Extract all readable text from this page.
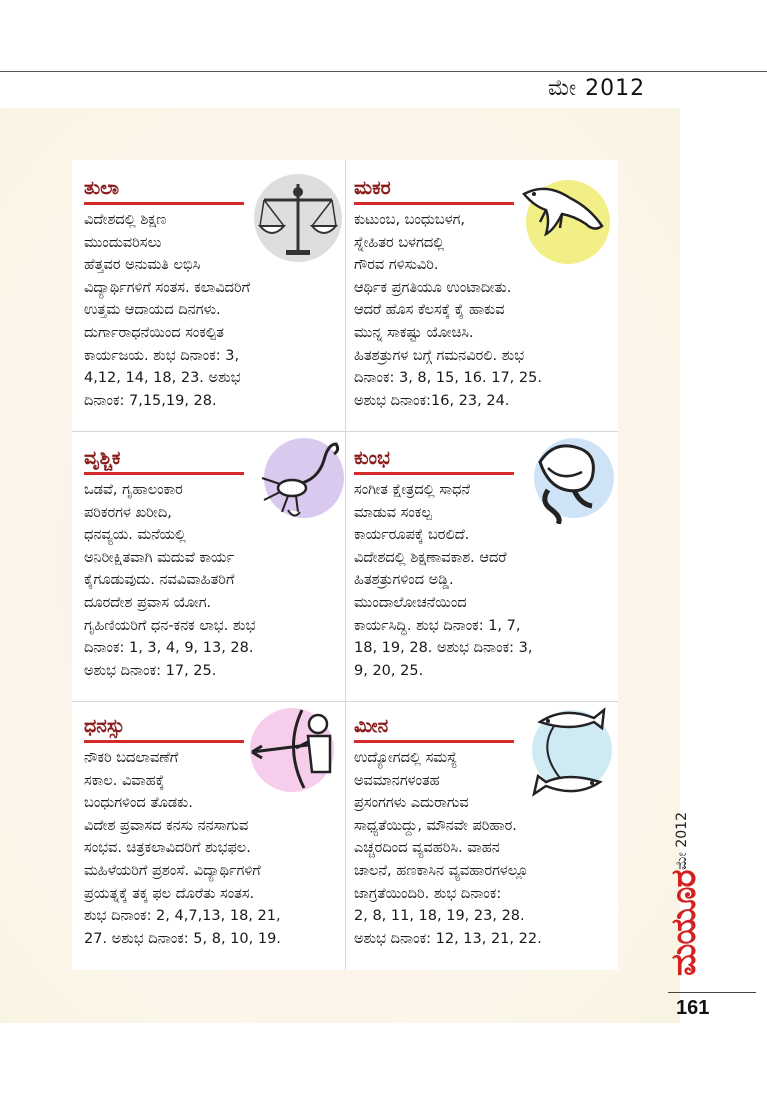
ಮೇ 2012
ತುಲಾ
ವಿದೇಶದಲ್ಲಿ ಶಿಕ್ಷಣ
ಮುಂದುವರಿಸಲು
ಹೆತ್ತವರ ಅನುಮತಿ ಲಭಿಸಿ
ವಿದ್ಯಾರ್ಥಿಗಳಿಗೆ ಸಂತಸ. ಕಲಾವಿದರಿಗೆ
ಉತ್ತಮ ಆದಾಯದ ದಿನಗಳು.
ದುರ್ಗಾರಾಧನೆಯಿಂದ ಸಂಕಲ್ಪಿತ
ಕಾರ್ಯಜಯ. ಶುಭ ದಿನಾಂಕ: 3,
4,12, 14, 18, 23. ಅಶುಭ
ದಿನಾಂಕ: 7,15,19, 28.
ಮಕರ
ಕುಟುಂಬ, ಬಂಧುಬಳಗ,
ಸ್ನೇಹಿತರ ಬಳಗದಲ್ಲಿ
ಗೌರವ ಗಳಿಸುವಿರಿ.
ಆರ್ಥಿಕ ಪ್ರಗತಿಯೂ ಉಂಟಾದೀತು.
ಆದರೆ ಹೊಸ ಕೆಲಸಕ್ಕೆ ಕೈ ಹಾಕುವ
ಮುನ್ನ ಸಾಕಷ್ಟು ಯೋಚಿಸಿ.
ಹಿತಶತ್ರುಗಳ ಬಗ್ಗೆ ಗಮನವಿರಲಿ. ಶುಭ
ದಿನಾಂಕ: 3, 8, 15, 16. 17, 25.
ಅಶುಭ ದಿನಾಂಕ:16, 23, 24.
ವೃಶ್ಚಿಕ
ಒಡವೆ, ಗೃಹಾಲಂಕಾರ
ಪರಿಕರಗಳ ಖರೀದಿ,
ಧನವ್ಯಯ. ಮನೆಯಲ್ಲಿ
ಅನಿರೀಕ್ಷಿತವಾಗಿ ಮದುವೆ ಕಾರ್ಯ
ಕೈಗೂಡುವುದು. ನವವಿವಾಹಿತರಿಗೆ
ದೂರದೇಶ ಪ್ರವಾಸ ಯೋಗ.
ಗೃಹಿಣಿಯರಿಗೆ ಧನ-ಕನಕ ಲಾಭ. ಶುಭ
ದಿನಾಂಕ: 1, 3, 4, 9, 13, 28.
ಅಶುಭ ದಿನಾಂಕ: 17, 25.
ಕುಂಭ
ಸಂಗೀತ ಕ್ಷೇತ್ರದಲ್ಲಿ ಸಾಧನೆ
ಮಾಡುವ ಸಂಕಲ್ಪ
ಕಾರ್ಯರೂಪಕ್ಕೆ ಬರಲಿದೆ.
ವಿದೇಶದಲ್ಲಿ ಶಿಕ್ಷಣಾವಕಾಶ. ಆದರೆ
ಹಿತಶತ್ರುಗಳಿಂದ ಅಡ್ಡಿ.
ಮುಂದಾಲೋಚನೆಯಿಂದ
ಕಾರ್ಯಸಿದ್ಧಿ. ಶುಭ ದಿನಾಂಕ: 1, 7,
18, 19, 28. ಅಶುಭ ದಿನಾಂಕ: 3,
9, 20, 25.
ಧನಸ್ಸು
ನೌಕರಿ ಬದಲಾವಣೆಗೆ
ಸಕಾಲ. ವಿವಾಹಕ್ಕೆ
ಬಂಧುಗಳಿಂದ ತೊಡಕು.
ವಿದೇಶ ಪ್ರವಾಸದ ಕನಸು ನನಸಾಗುವ
ಸಂಭವ. ಚಿತ್ರಕಲಾವಿದರಿಗೆ ಶುಭಫಲ.
ಮಹಿಳೆಯರಿಗೆ ಪ್ರಶಂಸೆ. ವಿದ್ಯಾರ್ಥಿಗಳಿಗೆ
ಪ್ರಯತ್ನಕ್ಕೆ ತಕ್ಕ ಫಲ ದೊರೆತು ಸಂತಸ.
ಶುಭ ದಿನಾಂಕ: 2, 4,7,13, 18, 21,
27. ಅಶುಭ ದಿನಾಂಕ: 5, 8, 10, 19.
ಮೀನ
ಉದ್ಯೋಗದಲ್ಲಿ ಸಮಸ್ಯೆ
ಅವಮಾನಗಳಂತಹ
ಪ್ರಸಂಗಗಳು ಎದುರಾಗುವ
ಸಾಧ್ಯತೆಯಿದ್ದು, ಮೌನವೇ ಪರಿಹಾರ.
ಎಚ್ಚರದಿಂದ ವ್ಯವಹರಿಸಿ. ವಾಹನ
ಚಾಲನೆ, ಹಣಕಾಸಿನ ವ್ಯವಹಾರಗಳಲ್ಲೂ
ಜಾಗ್ರತೆಯಿಂದಿರಿ. ಶುಭ ದಿನಾಂಕ:
2, 8, 11, 18, 19, 23, 28.
ಅಶುಭ ದಿನಾಂಕ: 12, 13, 21, 22.
ಮೇ 2012
ಮಯೂರ
161
